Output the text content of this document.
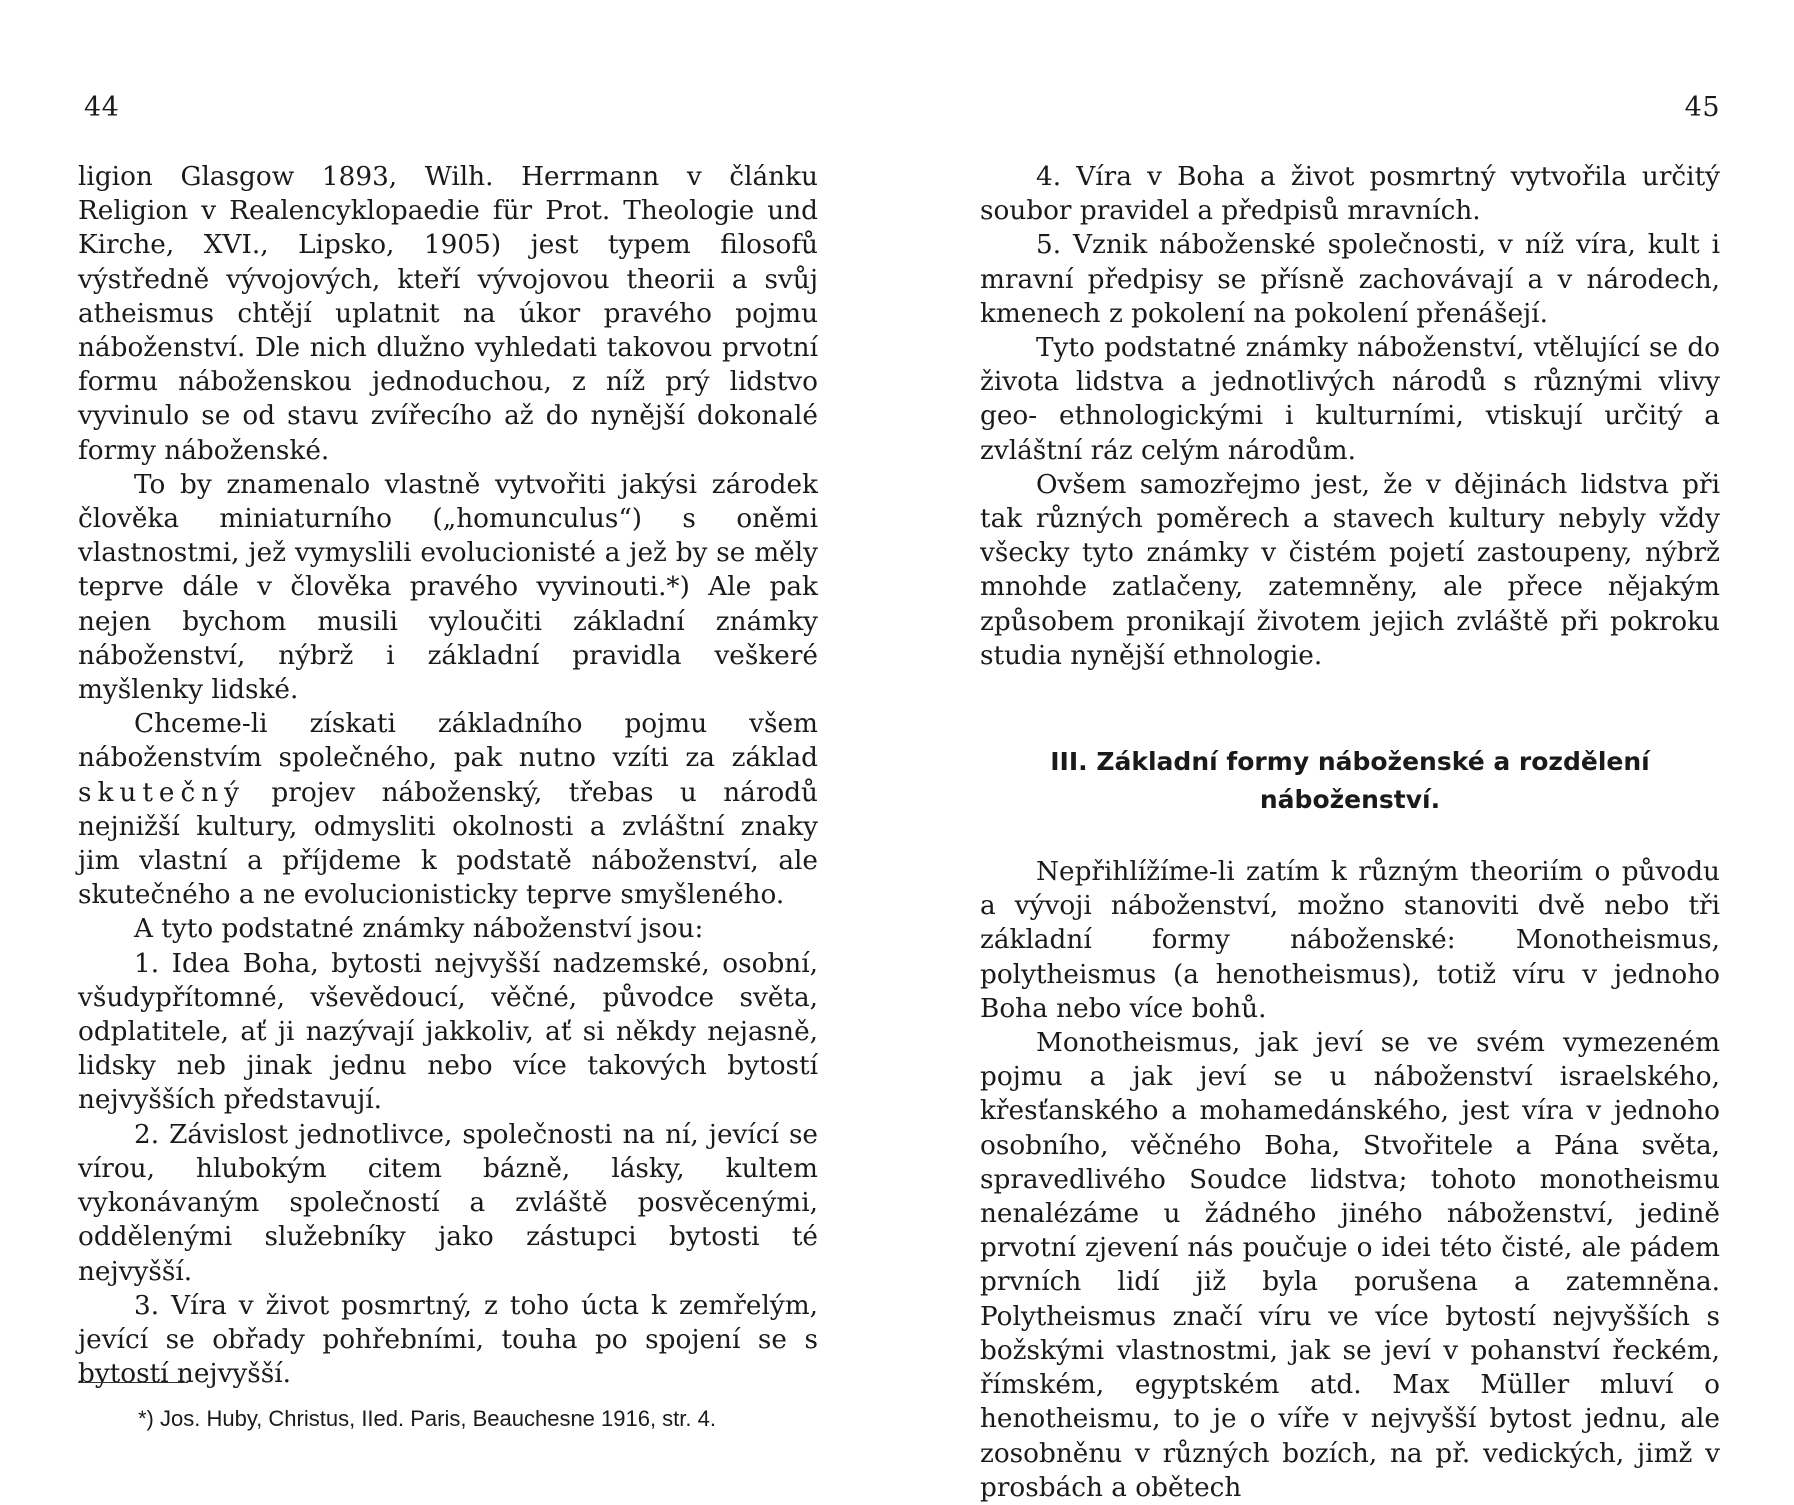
44

ligion Glasgow 1893, Wilh. Herrmann v článku Religion v Realencyklopaedie für Prot. Theologie und Kirche, XVI., Lipsko, 1905) jest typem filosofů výstředně vývojových, kteří vývojovou theorii a svůj atheismus chtějí uplatnit na úkor pravého pojmu náboženství. Dle nich dlužno vyhledati takovou prvotní formu náboženskou jednoduchou, z níž prý lidstvo vyvinulo se od stavu zvířecího až do nynější dokonalé formy náboženské.

To by znamenalo vlastně vytvořiti jakýsi zárodek člověka miniaturního („homunculus“) s oněmi vlastnostmi, jež vymyslili evolucionisté a jež by se měly teprve dále v člověka pravého vyvinouti.*) Ale pak nejen bychom musili vyloučiti základní známky náboženství, nýbrž i základní pravidla veškeré myšlenky lidské.

Chceme-li získati základního pojmu všem náboženstvím společného, pak nutno vzíti za základ skutečný projev náboženský, třebas u národů nejnižší kultury, odmysliti okolnosti a zvláštní znaky jim vlastní a příjdeme k podstatě náboženství, ale skutečného a ne evolucionisticky teprve smyšleného.

A tyto podstatné známky náboženství jsou:

1. Idea Boha, bytosti nejvyšší nadzemské, osobní, všudypřítomné, vševědoucí, věčné, původce světa, odplatitele, ať ji nazývají jakkoliv, ať si někdy nejasně, lidsky neb jinak jednu nebo více takových bytostí nejvyšších představují.

2. Závislost jednotlivce, společnosti na ní, jevící se vírou, hlubokým citem bázně, lásky, kultem vykonávaným společností a zvláště posvěcenými, oddělenými služebníky jako zástupci bytosti té nejvyšší.

3. Víra v život posmrtný, z toho úcta k zemřelým, jevící se obřady pohřebními, touha po spojení se s bytostí nejvyšší.

*) Jos. Huby, Christus, IIed. Paris, Beauchesne 1916, str. 4.
45

4. Víra v Boha a život posmrtný vytvořila určitý soubor pravidel a předpisů mravních.

5. Vznik náboženské společnosti, v níž víra, kult i mravní předpisy se přísně zachovávají a v národech, kmenech z pokolení na pokolení přenášejí.

Tyto podstatné známky náboženství, vtělující se do života lidstva a jednotlivých národů s různými vlivy geo- ethnologickými i kulturními, vtiskují určitý a zvláštní ráz celým národům.

Ovšem samozřejmo jest, že v dějinách lidstva při tak různých poměrech a stavech kultury nebyly vždy všecky tyto známky v čistém pojetí zastoupeny, nýbrž mnohde zatlačeny, zatemněny, ale přece nějakým způsobem pronikají životem jejich zvláště při pokroku studia nynější ethnologie.

III. Základní formy náboženské a rozdělení náboženství.

Nepřihlížíme-li zatím k různým theoriím o původu a vývoji náboženství, možno stanoviti dvě nebo tři základní formy náboženské: Monotheismus, polytheismus (a henotheismus), totiž víru v jednoho Boha nebo více bohů.

Monotheismus, jak jeví se ve svém vymezeném pojmu a jak jeví se u náboženství israelského, křesťanského a mohamedánského, jest víra v jednoho osobního, věčného Boha, Stvořitele a Pána světa, spravedlivého Soudce lidstva; tohoto monotheismu nenalézáme u žádného jiného náboženství, jedině prvotní zjevení nás poučuje o idei této čisté, ale pádem prvních lidí již byla porušena a zatemněna. Polytheismus značí víru ve více bytostí nejvyšších s božskými vlastnostmi, jak se jeví v pohanství řeckém, římském, egyptském atd. Max Müller mluví o henotheismu, to je o víře v nejvyšší bytost jednu, ale zosobněnu v různých bozích, na př. vedických, jimž v prosbách a obětech
